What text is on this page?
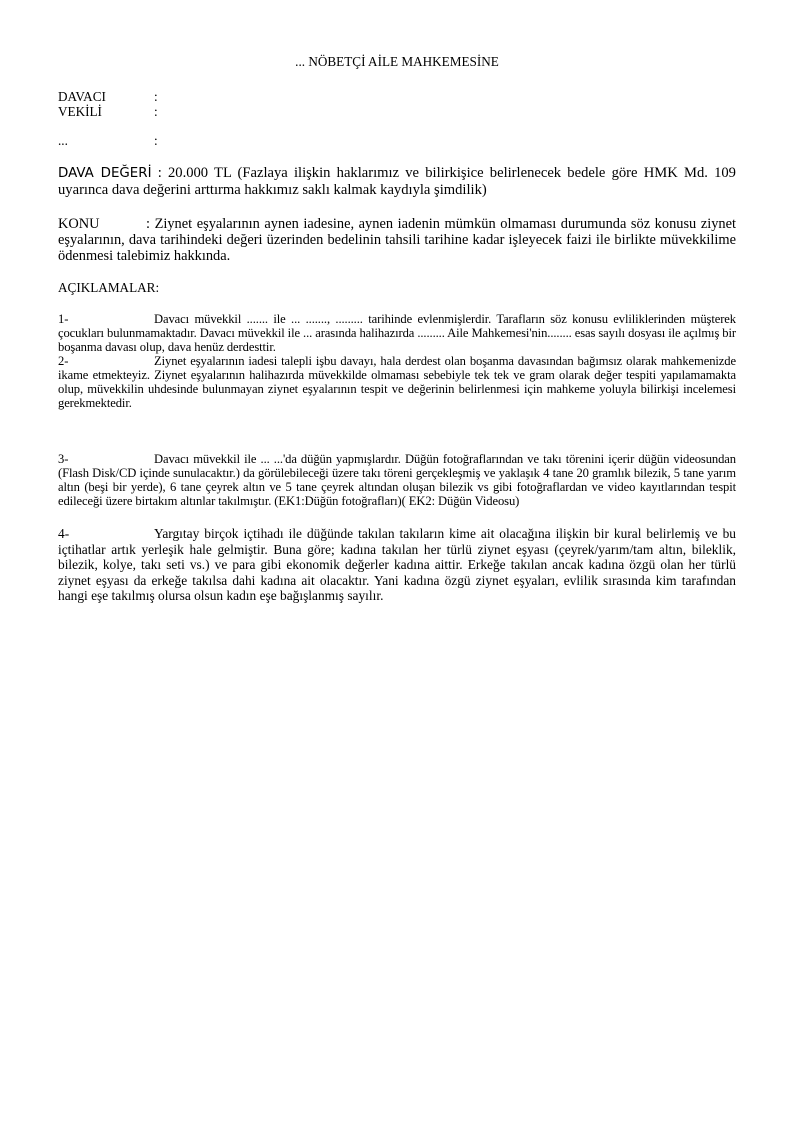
... NÖBETÇİ AİLE MAHKEMESİNE
DAVACI	:
VEKİLİ	:
...	:
DAVA DEĞERİ : 20.000 TL (Fazlaya ilişkin haklarımız ve bilirkişice belirlenecek bedele göre HMK Md. 109 uyarınca dava değerini arttırma hakkımız saklı kalmak kaydıyla şimdilik)
KONU	: Ziynet eşyalarının aynen iadesine, aynen iadenin mümkün olmaması durumunda söz konusu ziynet eşyalarının, dava tarihindeki değeri üzerinden bedelinin tahsili tarihine kadar işleyecek faizi ile birlikte müvekkilime ödenmesi talebimiz hakkında.
AÇIKLAMALAR:
1-	Davacı müvekkil ....... ile ... ......., ......... tarihinde evlenmişlerdir. Tarafların söz konusu evliliklerinden müşterek çocukları bulunmamaktadır. Davacı müvekkil ile ... arasında halihazırda ......... Aile Mahkemesi'nin........ esas sayılı dosyası ile açılmış bir boşanma davası olup, dava henüz derdesttir.
2-	Ziynet eşyalarının iadesi talepli işbu davayı, hala derdest olan boşanma davasından bağımsız olarak mahkemenizde ikame etmekteyiz. Ziynet eşyalarının halihazırda müvekkilde olmaması sebebiyle tek tek ve gram olarak değer tespiti yapılamamakta olup, müvekkilin uhdesinde bulunmayan ziynet eşyalarının tespit ve değerinin belirlenmesi için mahkeme yoluyla bilirkişi incelemesi gerekmektedir.
3-	Davacı müvekkil ile ... ...'da düğün yapmışlardır. Düğün fotoğraflarından ve takı törenini içerir düğün videosundan (Flash Disk/CD içinde sunulacaktır.) da görülebileceği üzere takı töreni gerçekleşmiş ve yaklaşık 4 tane 20 gramlık bilezik, 5 tane yarım altın (beşi bir yerde), 6 tane çeyrek altın ve 5 tane çeyrek altından oluşan bilezik vs gibi fotoğraflardan ve video kayıtlarından tespit edileceği üzere birtakım altınlar takılmıştır. (EK1:Düğün fotoğrafları)( EK2: Düğün Videosu)
4-	Yargıtay birçok içtihadı ile düğünde takılan takıların kime ait olacağına ilişkin bir kural belirlemiş ve bu içtihatlar artık yerleşik hale gelmiştir. Buna göre; kadına takılan her türlü ziynet eşyası (çeyrek/yarım/tam altın, bileklik, bilezik, kolye, takı seti vs.) ve para gibi ekonomik değerler kadına aittir. Erkeğe takılan ancak kadına özgü olan her türlü ziynet eşyası da erkeğe takılsa dahi kadına ait olacaktır. Yani kadına özgü ziynet eşyaları, evlilik sırasında kim tarafından hangi eşe takılmış olursa olsun kadın eşe bağışlanmış sayılır.
